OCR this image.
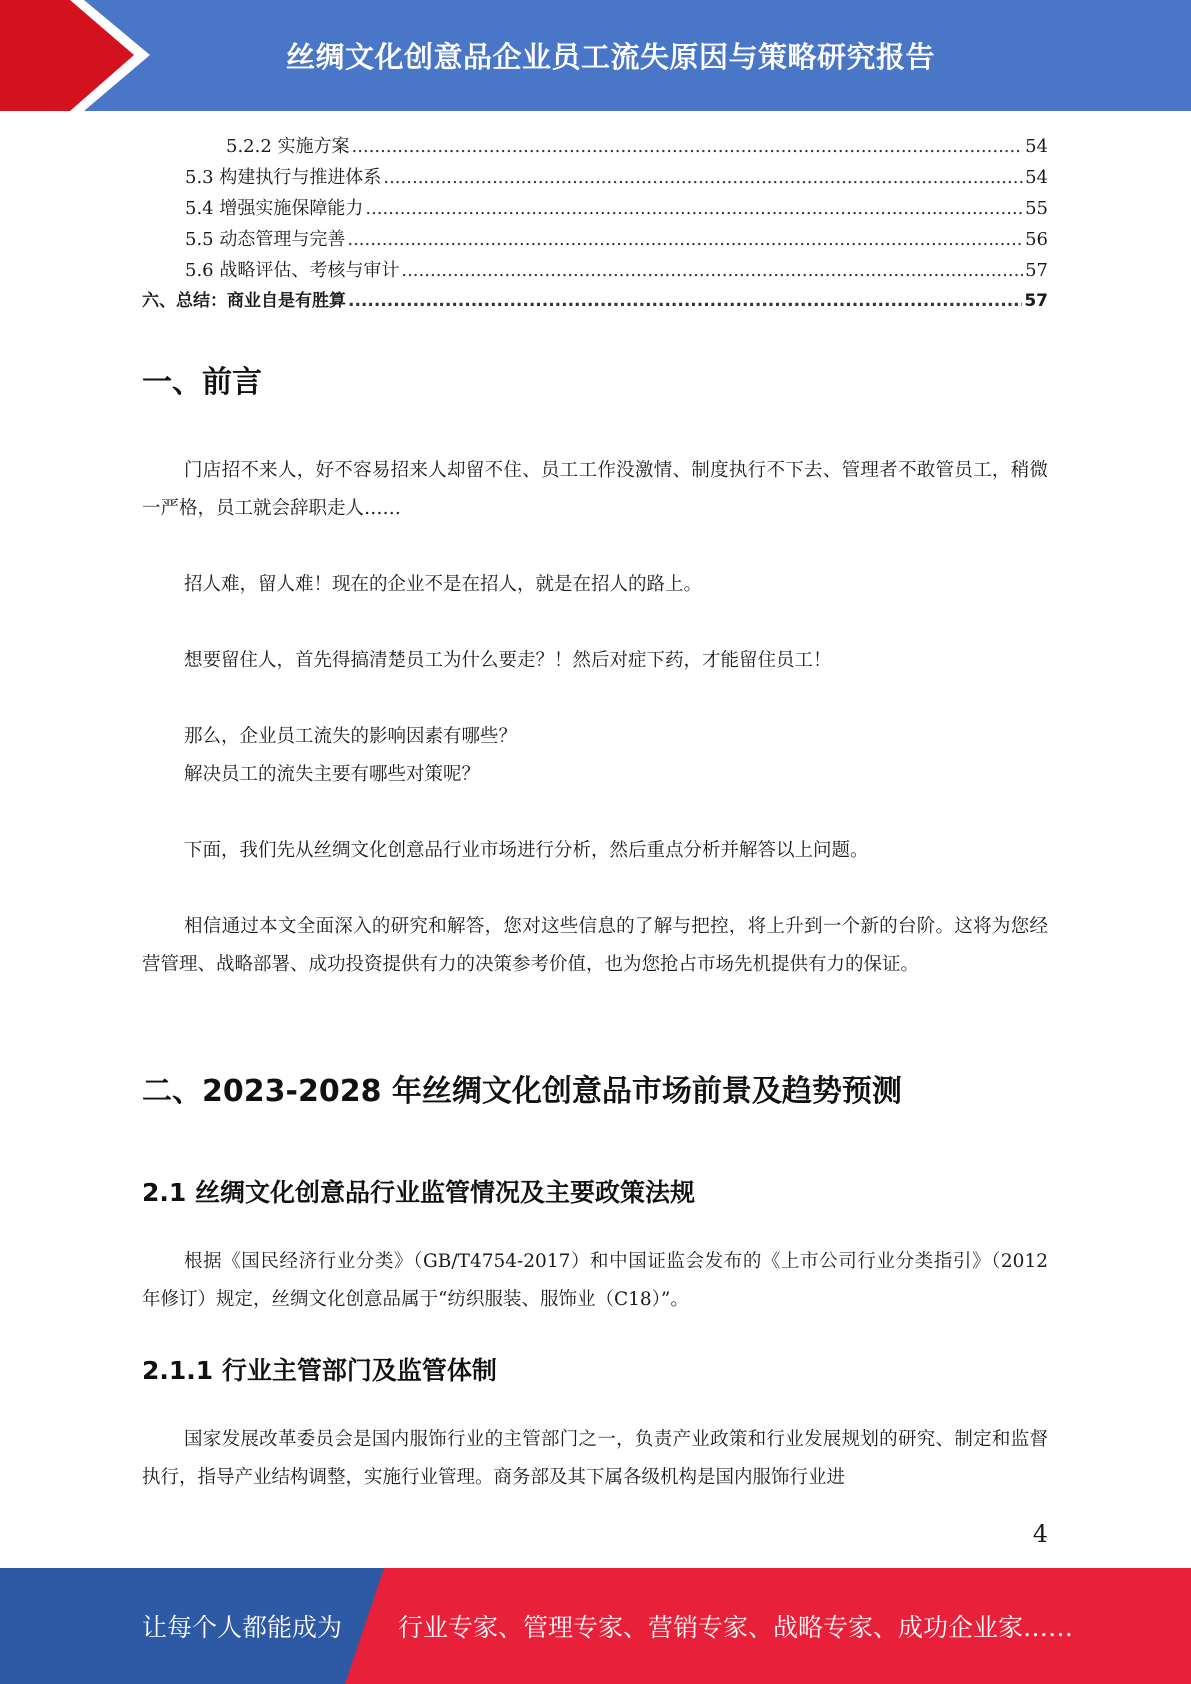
丝绸文化创意品企业员工流失原因与策略研究报告
5.2.2 实施方案 .....	54
5.3 构建执行与推进体系 .....	54
5.4 增强实施保障能力 .....	55
5.5 动态管理与完善 .....	56
5.6 战略评估、考核与审计 .....	57
六、总结：商业自是有胜算 .....	57
一、前言

门店招不来人，好不容易招来人却留不住、员工工作没激情、制度执行不下去、管理者不敢管员工，稍微一严格，员工就会辞职走人……

招人难，留人难！现在的企业不是在招人，就是在招人的路上。

想要留住人，首先得搞清楚员工为什么要走？！然后对症下药，才能留住员工！

那么，企业员工流失的影响因素有哪些？

解决员工的流失主要有哪些对策呢？

下面，我们先从丝绸文化创意品行业市场进行分析，然后重点分析并解答以上问题。

相信通过本文全面深入的研究和解答，您对这些信息的了解与把控，将上升到一个新的台阶。这将为您经营管理、战略部署、成功投资提供有力的决策参考价值，也为您抢占市场先机提供有力的保证。

二、2023-2028 年丝绸文化创意品市场前景及趋势预测
2.1 丝绸文化创意品行业监管情况及主要政策法规

根据《国民经济行业分类》（GB/T4754-2017）和中国证监会发布的《上市公司行业分类指引》（2012 年修订）规定，丝绸文化创意品属于“纺织服装、服饰业（C18）”。

2.1.1 行业主管部门及监管体制

国家发展改革委员会是国内服饰行业的主管部门之一，负责产业政策和行业发展规划的研究、制定和监督执行，指导产业结构调整，实施行业管理。商务部及其下属各级机构是国内服饰行业进

4
让每个人都能成为 行业专家、管理专家、营销专家、战略专家、成功企业家……
